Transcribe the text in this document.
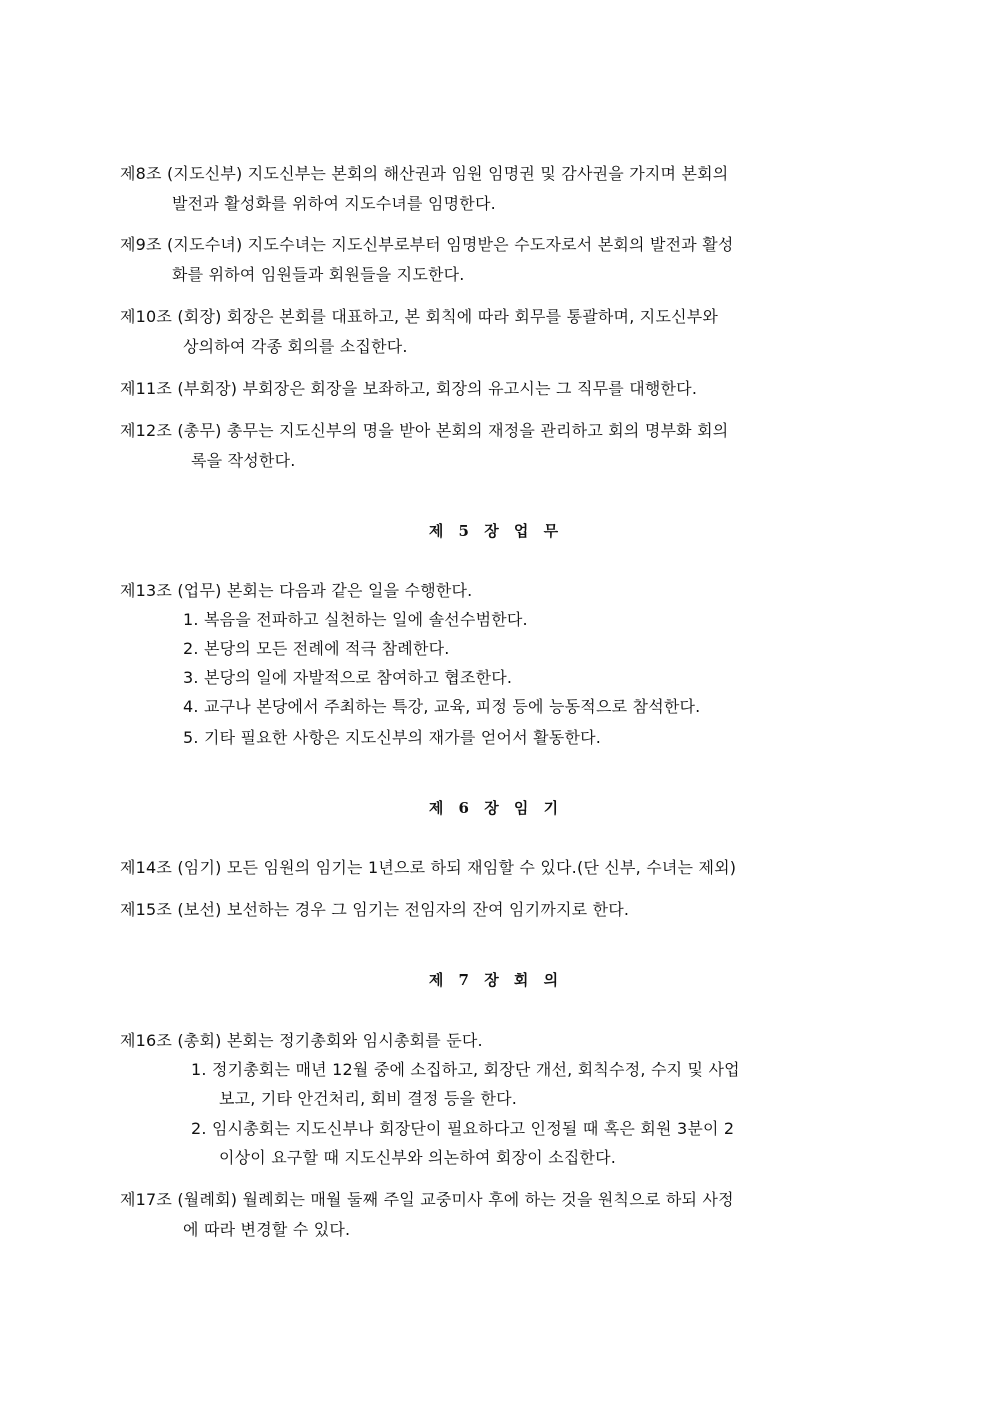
제8조 (지도신부) 지도신부는 본회의 해산권과 임원 임명권 및 감사권을 가지며 본회의
발전과 활성화를 위하여 지도수녀를 임명한다.
제9조 (지도수녀) 지도수녀는 지도신부로부터 임명받은 수도자로서 본회의 발전과 활성
화를 위하여 임원들과 회원들을 지도한다.
제10조 (회장) 회장은 본회를 대표하고, 본 회칙에 따라 회무를 통괄하며, 지도신부와
상의하여 각종 회의를 소집한다.
제11조 (부회장) 부회장은 회장을 보좌하고, 회장의 유고시는 그 직무를 대행한다.
제12조 (총무) 총무는 지도신부의 명을 받아 본회의 재정을 관리하고 회의 명부화 회의
록을 작성한다.
제 5 장 업 무
제13조 (업무) 본회는 다음과 같은 일을 수행한다.
1. 복음을 전파하고 실천하는 일에 솔선수범한다.
2. 본당의 모든 전례에 적극 참례한다.
3. 본당의 일에 자발적으로 참여하고 협조한다.
4. 교구나 본당에서 주최하는 특강, 교육, 피정 등에 능동적으로 참석한다.
5. 기타 필요한 사항은 지도신부의 재가를 얻어서 활동한다.
제 6 장 임 기
제14조 (임기) 모든 임원의 임기는 1년으로 하되 재임할 수 있다.(단 신부, 수녀는 제외)
제15조 (보선) 보선하는 경우 그 임기는 전임자의 잔여 임기까지로 한다.
제 7 장 회 의
제16조 (총회) 본회는 정기총회와 임시총회를 둔다.
1. 정기총회는 매년 12월 중에 소집하고, 회장단 개선, 회칙수정, 수지 및 사업
보고, 기타 안건처리, 회비 결정 등을 한다.
2. 임시총회는 지도신부나 회장단이 필요하다고 인정될 때 혹은 회원 3분이 2
이상이 요구할 때 지도신부와 의논하여 회장이 소집한다.
제17조 (월례회) 월례회는 매월 둘째 주일 교중미사 후에 하는 것을 원칙으로 하되 사정
에 따라 변경할 수 있다.
